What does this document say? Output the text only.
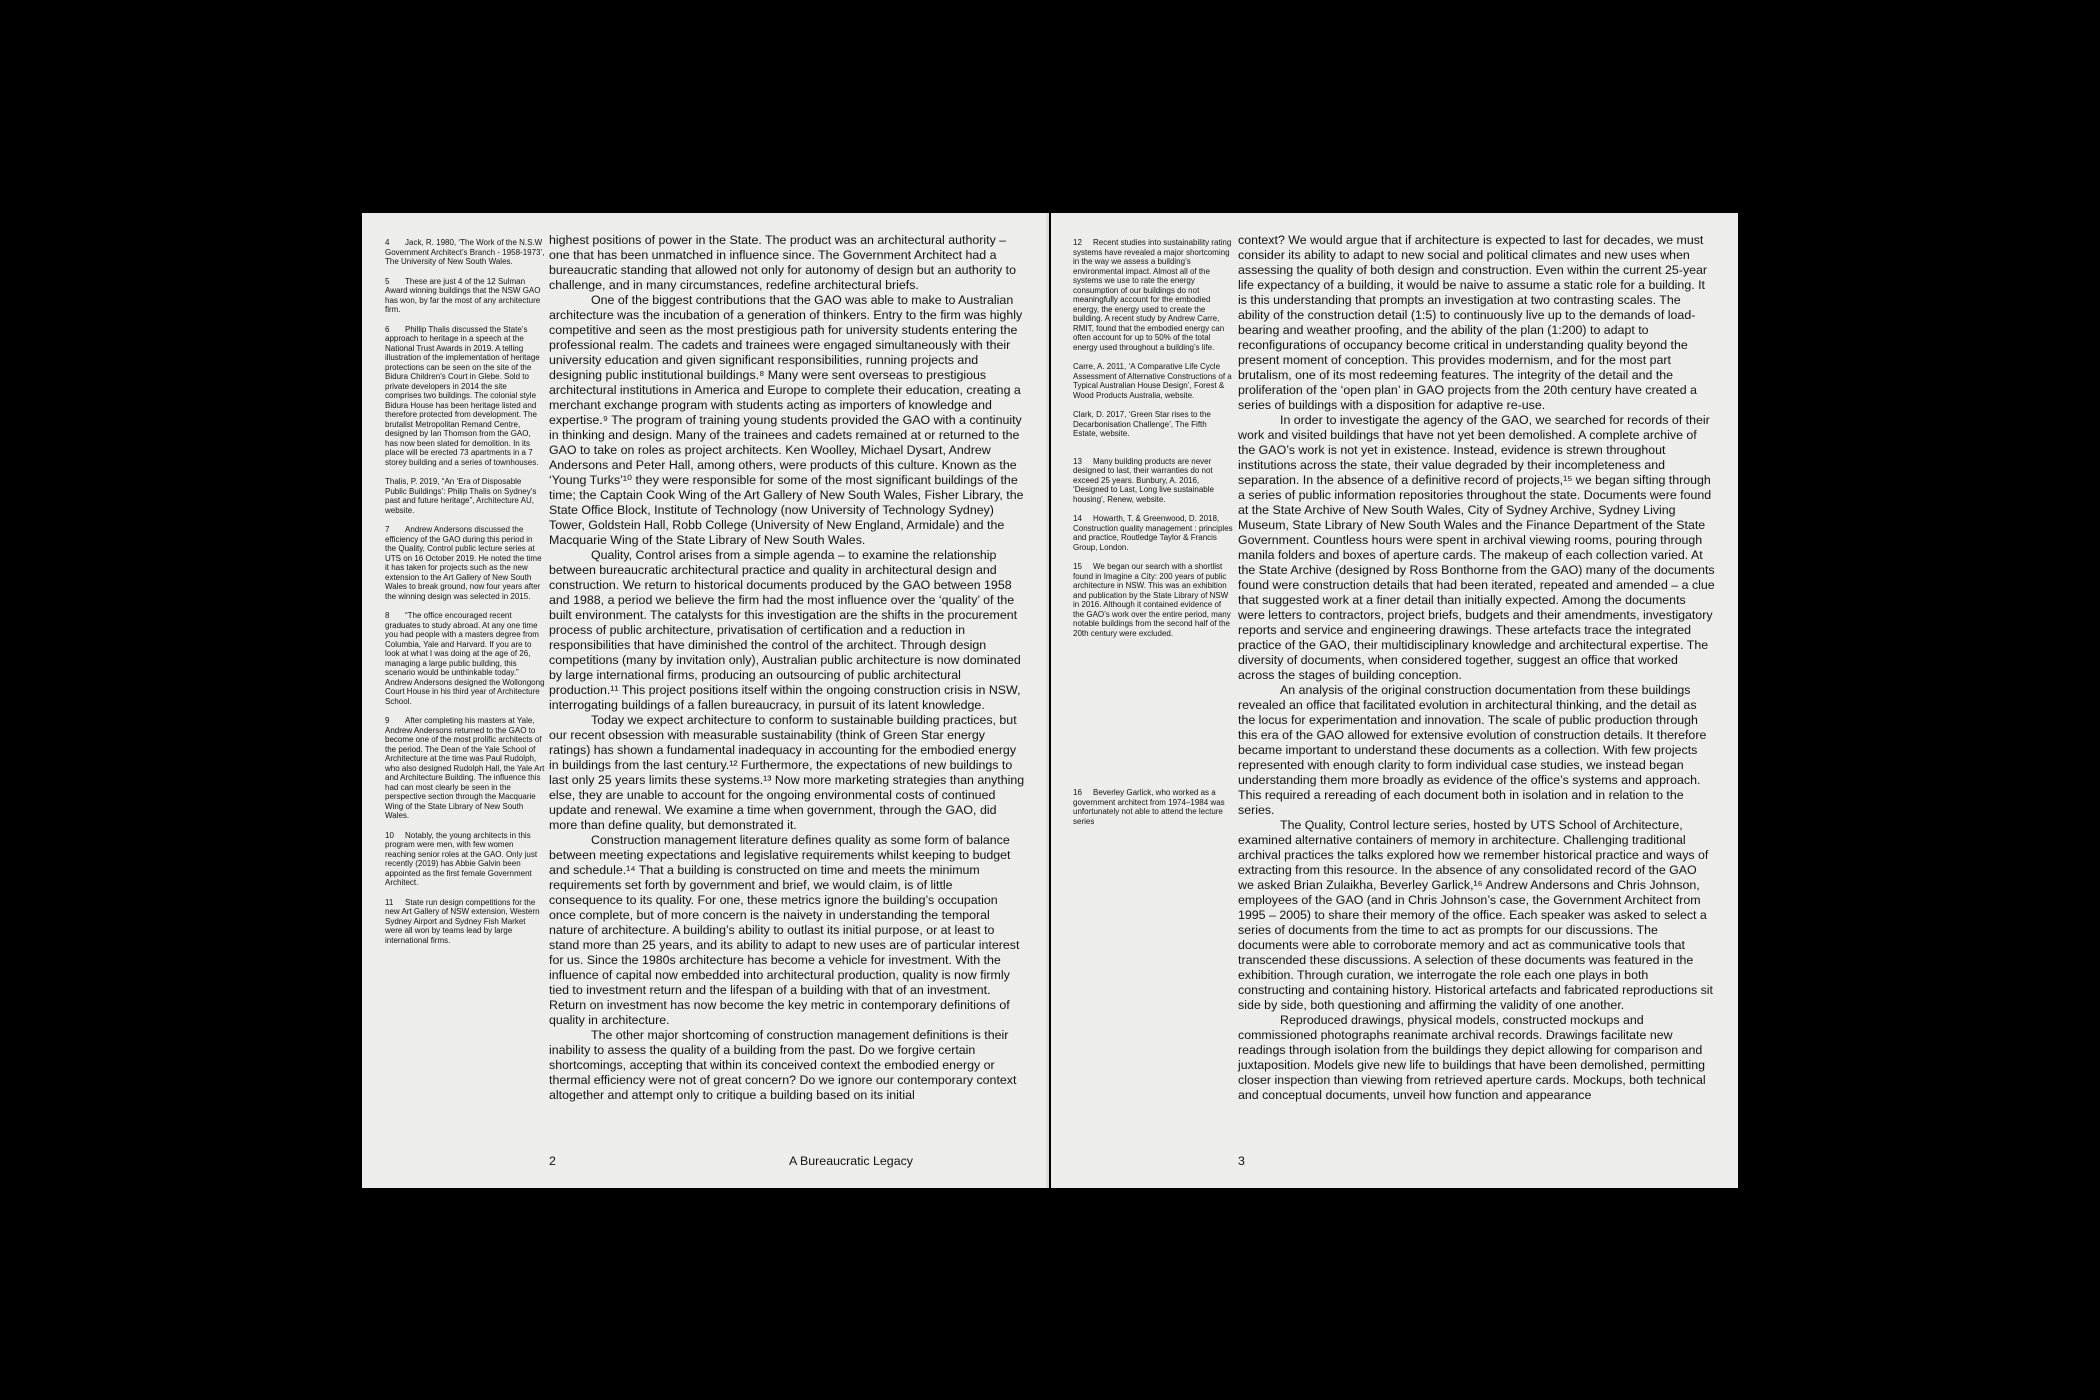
4 Jack, R. 1980, ‘The Work of the N.S.W Government Architect’s Branch - 1958-1973’, The University of New South Wales.
5 These are just 4 of the 12 Sulman Award winning buildings that the NSW GAO has won, by far the most of any architecture firm.
6 Phillip Thalis discussed the State’s approach to heritage in a speech at the National Trust Awards in 2019. A telling illustration of the implementation of heritage protections can be seen on the site of the Bidura Children’s Court in Glebe. Sold to private developers in 2014 the site comprises two buildings. The colonial style Bidura House has been heritage listed and therefore protected from development. The brutalist Metropolitan Remand Centre, designed by Ian Thomson from the GAO, has now been slated for demolition. In its place will be erected 73 apartments in a 7 storey building and a series of townhouses.
Thalis, P. 2019, “An ‘Era of Disposable Public Buildings’: Philip Thalis on Sydney’s past and future heritage”, Architecture AU, website.
7 Andrew Andersons discussed the efficiency of the GAO during this period in the Quality, Control public lecture series at UTS on 16 October 2019. He noted the time it has taken for projects such as the new extension to the Art Gallery of New South Wales to break ground, now four years after the winning design was selected in 2015.
8 “The office encouraged recent graduates to study abroad. At any one time you had people with a masters degree from Columbia, Yale and Harvard. If you are to look at what I was doing at the age of 26, managing a large public building, this scenario would be unthinkable today.” Andrew Andersons designed the Wollongong Court House in his third year of Architecture School.
9 After completing his masters at Yale, Andrew Andersons returned to the GAO to become one of the most prolific architects of the period. The Dean of the Yale School of Architecture at the time was Paul Rudolph, who also designed Rudolph Hall, the Yale Art and Architecture Building. The influence this had can most clearly be seen in the perspective section through the Macquarie Wing of the State Library of New South Wales.
10 Notably, the young architects in this program were men, with few women reaching senior roles at the GAO. Only just recently (2019) has Abbie Galvin been appointed as the first female Government Architect.
11 State run design competitions for the new Art Gallery of NSW extension, Western Sydney Airport and Sydney Fish Market were all won by teams lead by large international firms.

highest positions of power in the State. The product was an architectural authority – one that has been unmatched in influence since. The Government Architect had a bureaucratic standing that allowed not only for autonomy of design but an authority to challenge, and in many circumstances, redefine architectural briefs.

One of the biggest contributions that the GAO was able to make to Australian architecture was the incubation of a generation of thinkers. Entry to the firm was highly competitive and seen as the most prestigious path for university students entering the professional realm. The cadets and trainees were engaged simultaneously with their university education and given significant responsibilities, running projects and designing public institutional buildings.⁸ Many were sent overseas to prestigious architectural institutions in America and Europe to complete their education, creating a merchant exchange program with students acting as importers of knowledge and expertise.⁹ The program of training young students provided the GAO with a continuity in thinking and design. Many of the trainees and cadets remained at or returned to the GAO to take on roles as project architects. Ken Woolley, Michael Dysart, Andrew Andersons and Peter Hall, among others, were products of this culture. Known as the ‘Young Turks’¹⁰ they were responsible for some of the most significant buildings of the time; the Captain Cook Wing of the Art Gallery of New South Wales, Fisher Library, the State Office Block, Institute of Technology (now University of Technology Sydney) Tower, Goldstein Hall, Robb College (University of New England, Armidale) and the Macquarie Wing of the State Library of New South Wales.

Quality, Control arises from a simple agenda – to examine the relationship between bureaucratic architectural practice and quality in architectural design and construction. We return to historical documents produced by the GAO between 1958 and 1988, a period we believe the firm had the most influence over the ‘quality’ of the built environment. The catalysts for this investigation are the shifts in the procurement process of public architecture, privatisation of certification and a reduction in responsibilities that have diminished the control of the architect. Through design competitions (many by invitation only), Australian public architecture is now dominated by large international firms, producing an outsourcing of public architectural production.¹¹ This project positions itself within the ongoing construction crisis in NSW, interrogating buildings of a fallen bureaucracy, in pursuit of its latent knowledge.

Today we expect architecture to conform to sustainable building practices, but our recent obsession with measurable sustainability (think of Green Star energy ratings) has shown a fundamental inadequacy in accounting for the embodied energy in buildings from the last century.¹² Furthermore, the expectations of new buildings to last only 25 years limits these systems.¹³ Now more marketing strategies than anything else, they are unable to account for the ongoing environmental costs of continued update and renewal. We examine a time when government, through the GAO, did more than define quality, but demonstrated it.

Construction management literature defines quality as some form of balance between meeting expectations and legislative requirements whilst keeping to budget and schedule.¹⁴ That a building is constructed on time and meets the minimum requirements set forth by government and brief, we would claim, is of little consequence to its quality. For one, these metrics ignore the building’s occupation once complete, but of more concern is the naivety in understanding the temporal nature of architecture. A building’s ability to outlast its initial purpose, or at least to stand more than 25 years, and its ability to adapt to new uses are of particular interest for us. Since the 1980s architecture has become a vehicle for investment. With the influence of capital now embedded into architectural production, quality is now firmly tied to investment return and the lifespan of a building with that of an investment. Return on investment has now become the key metric in contemporary definitions of quality in architecture.

The other major shortcoming of construction management definitions is their inability to assess the quality of a building from the past. Do we forgive certain shortcomings, accepting that within its conceived context the embodied energy or thermal efficiency were not of great concern? Do we ignore our contemporary context altogether and attempt only to critique a building based on its initial

2	A Bureaucratic Legacy
12 Recent studies into sustainability rating systems have revealed a major shortcoming in the way we assess a building’s environmental impact. Almost all of the systems we use to rate the energy consumption of our buildings do not meaningfully account for the embodied energy, the energy used to create the building. A recent study by Andrew Carre, RMIT, found that the embodied energy can often account for up to 50% of the total energy used throughout a building’s life.
Carre, A. 2011, ‘A Comparative Life Cycle Assessment of Alternative Constructions of a Typical Australian House Design’, Forest & Wood Products Australia, website.
Clark, D. 2017, ‘Green Star rises to the Decarbonisation Challenge’, The Fifth Estate, website.
13 Many building products are never designed to last, their warranties do not exceed 25 years. Bunbury, A. 2016, ‘Designed to Last, Long live sustainable housing’, Renew, website.
14 Howarth, T. & Greenwood, D. 2018, Construction quality management : principles and practice, Routledge Taylor & Francis Group, London.
15 We began our search with a shortlist found in Imagine a City: 200 years of public architecture in NSW. This was an exhibition and publication by the State Library of NSW in 2016. Although it contained evidence of the GAO’s work over the entire period, many notable buildings from the second half of the 20th century were excluded.
16 Beverley Garlick, who worked as a government architect from 1974–1984 was unfortunately not able to attend the lecture series

context? We would argue that if architecture is expected to last for decades, we must consider its ability to adapt to new social and political climates and new uses when assessing the quality of both design and construction. Even within the current 25-year life expectancy of a building, it would be naive to assume a static role for a building. It is this understanding that prompts an investigation at two contrasting scales. The ability of the construction detail (1:5) to continuously live up to the demands of load-bearing and weather proofing, and the ability of the plan (1:200) to adapt to reconfigurations of occupancy become critical in understanding quality beyond the present moment of conception. This provides modernism, and for the most part brutalism, one of its most redeeming features. The integrity of the detail and the proliferation of the ‘open plan’ in GAO projects from the 20th century have created a series of buildings with a disposition for adaptive re-use.

In order to investigate the agency of the GAO, we searched for records of their work and visited buildings that have not yet been demolished. A complete archive of the GAO’s work is not yet in existence. Instead, evidence is strewn throughout institutions across the state, their value degraded by their incompleteness and separation. In the absence of a definitive record of projects,¹⁵ we began sifting through a series of public information repositories throughout the state. Documents were found at the State Archive of New South Wales, City of Sydney Archive, Sydney Living Museum, State Library of New South Wales and the Finance Department of the State Government. Countless hours were spent in archival viewing rooms, pouring through manila folders and boxes of aperture cards. The makeup of each collection varied. At the State Archive (designed by Ross Bonthorne from the GAO) many of the documents found were construction details that had been iterated, repeated and amended – a clue that suggested work at a finer detail than initially expected. Among the documents were letters to contractors, project briefs, budgets and their amendments, investigatory reports and service and engineering drawings. These artefacts trace the integrated practice of the GAO, their multidisciplinary knowledge and architectural expertise. The diversity of documents, when considered together, suggest an office that worked across the stages of building conception.

An analysis of the original construction documentation from these buildings revealed an office that facilitated evolution in architectural thinking, and the detail as the locus for experimentation and innovation. The scale of public production through this era of the GAO allowed for extensive evolution of construction details. It therefore became important to understand these documents as a collection. With few projects represented with enough clarity to form individual case studies, we instead began understanding them more broadly as evidence of the office’s systems and approach. This required a rereading of each document both in isolation and in relation to the series.

The Quality, Control lecture series, hosted by UTS School of Architecture, examined alternative containers of memory in architecture. Challenging traditional archival practices the talks explored how we remember historical practice and ways of extracting from this resource. In the absence of any consolidated record of the GAO we asked Brian Zulaikha, Beverley Garlick,¹⁶ Andrew Andersons and Chris Johnson, employees of the GAO (and in Chris Johnson’s case, the Government Architect from 1995 – 2005) to share their memory of the office. Each speaker was asked to select a series of documents from the time to act as prompts for our discussions. The documents were able to corroborate memory and act as communicative tools that transcended these discussions. A selection of these documents was featured in the exhibition. Through curation, we interrogate the role each one plays in both constructing and containing history. Historical artefacts and fabricated reproductions sit side by side, both questioning and affirming the validity of one another.

Reproduced drawings, physical models, constructed mockups and commissioned photographs reanimate archival records. Drawings facilitate new readings through isolation from the buildings they depict allowing for comparison and juxtaposition. Models give new life to buildings that have been demolished, permitting closer inspection than viewing from retrieved aperture cards. Mockups, both technical and conceptual documents, unveil how function and appearance

3
